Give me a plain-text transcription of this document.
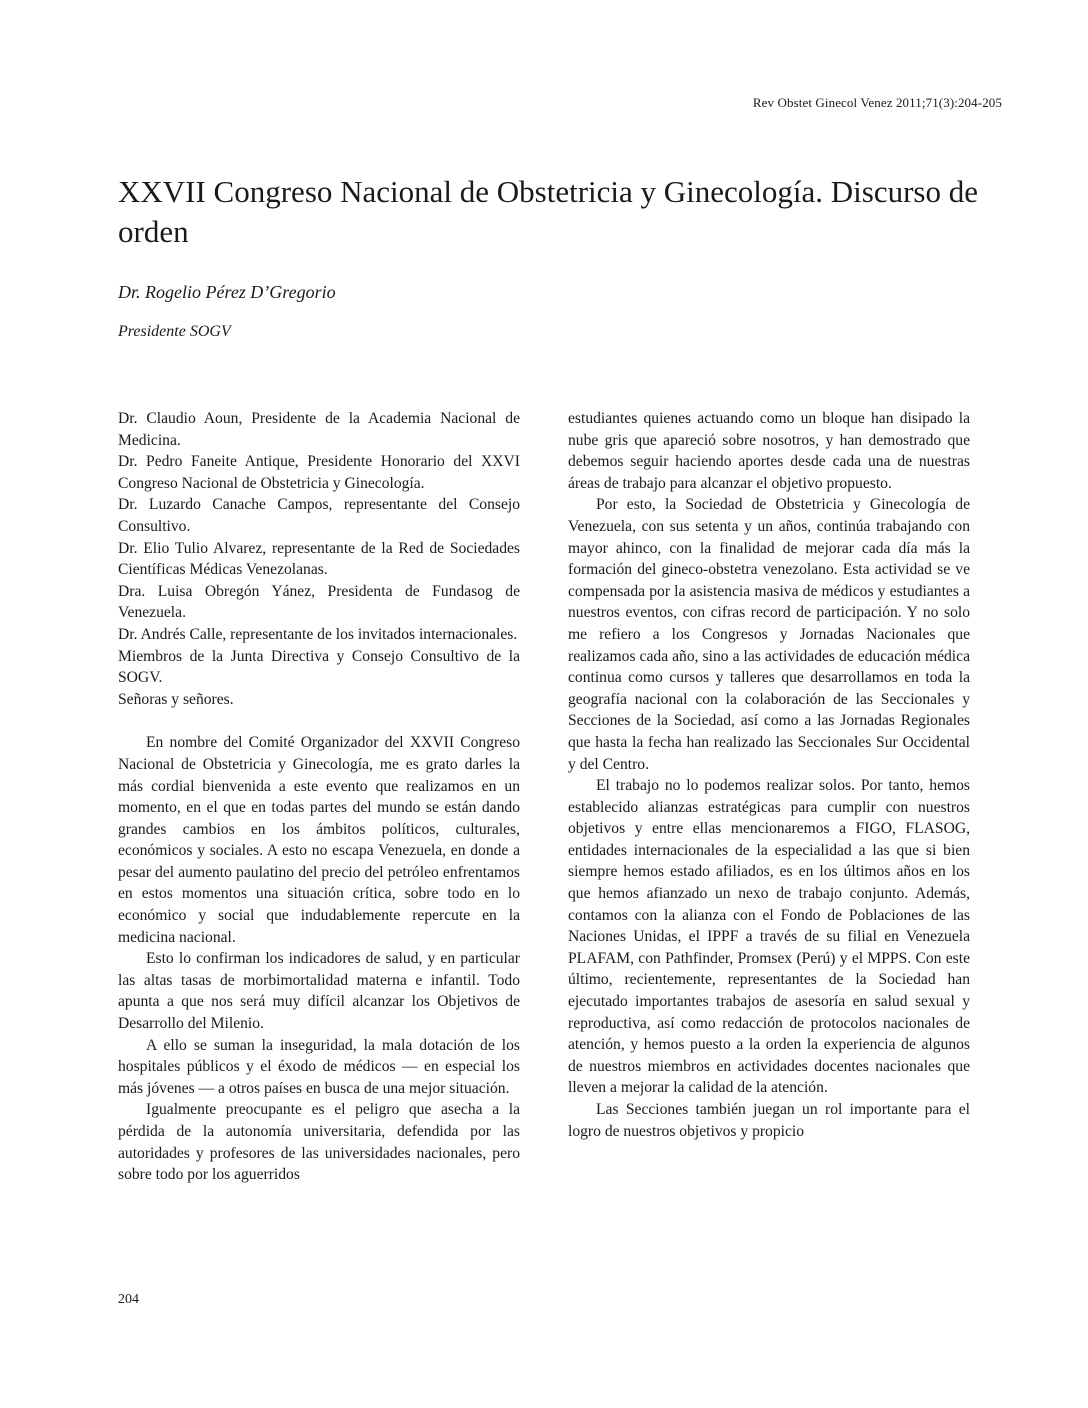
Rev Obstet Ginecol Venez 2011;71(3):204-205
XXVII Congreso Nacional de Obstetricia y Ginecología. Discurso de orden
Dr. Rogelio Pérez D’Gregorio
Presidente SOGV

Dr. Claudio Aoun, Presidente de la Academia Nacional de Medicina.

Dr. Pedro Faneite Antique, Presidente Honorario del XXVI Congreso Nacional de Obstetricia y Ginecología.

Dr. Luzardo Canache Campos, representante del Consejo Consultivo.

Dr. Elio Tulio Alvarez, representante de la Red de Sociedades Científicas Médicas Venezolanas.

Dra. Luisa Obregón Yánez, Presidenta de Fundasog de Venezuela.

Dr. Andrés Calle, representante de los invitados internacionales.

Miembros de la Junta Directiva y Consejo Consultivo de la SOGV.

Señoras y señores.

En nombre del Comité Organizador del XXVII Congreso Nacional de Obstetricia y Ginecología, me es grato darles la más cordial bienvenida a este evento que realizamos en un momento, en el que en todas partes del mundo se están dando grandes cambios en los ámbitos políticos, culturales, económicos y sociales. A esto no escapa Venezuela, en donde a pesar del aumento paulatino del precio del petróleo enfrentamos en estos momentos una situación crítica, sobre todo en lo económico y social que indudablemente repercute en la medicina nacional.

Esto lo confirman los indicadores de salud, y en particular las altas tasas de morbimortalidad materna e infantil. Todo apunta a que nos será muy difícil alcanzar los Objetivos de Desarrollo del Milenio.

A ello se suman la inseguridad, la mala dotación de los hospitales públicos y el éxodo de médicos — en especial los más jóvenes — a otros países en busca de una mejor situación.

Igualmente preocupante es el peligro que asecha a la pérdida de la autonomía universitaria, defendida por las autoridades y profesores de las universidades nacionales, pero sobre todo por los aguerridos

estudiantes quienes actuando como un bloque han disipado la nube gris que apareció sobre nosotros, y han demostrado que debemos seguir haciendo aportes desde cada una de nuestras áreas de trabajo para alcanzar el objetivo propuesto.

Por esto, la Sociedad de Obstetricia y Ginecología de Venezuela, con sus setenta y un años, continúa trabajando con mayor ahinco, con la finalidad de mejorar cada día más la formación del gineco-obstetra venezolano. Esta actividad se ve compensada por la asistencia masiva de médicos y estudiantes a nuestros eventos, con cifras record de participación. Y no solo me refiero a los Congresos y Jornadas Nacionales que realizamos cada año, sino a las actividades de educación médica continua como cursos y talleres que desarrollamos en toda la geografía nacional con la colaboración de las Seccionales y Secciones de la Sociedad, así como a las Jornadas Regionales que hasta la fecha han realizado las Seccionales Sur Occidental y del Centro.

El trabajo no lo podemos realizar solos. Por tanto, hemos establecido alianzas estratégicas para cumplir con nuestros objetivos y entre ellas mencionaremos a FIGO, FLASOG, entidades internacionales de la especialidad a las que si bien siempre hemos estado afiliados, es en los últimos años en los que hemos afianzado un nexo de trabajo conjunto. Además, contamos con la alianza con el Fondo de Poblaciones de las Naciones Unidas, el IPPF a través de su filial en Venezuela PLAFAM, con Pathfinder, Promsex (Perú) y el MPPS. Con este último, recientemente, representantes de la Sociedad han ejecutado importantes trabajos de asesoría en salud sexual y reproductiva, así como redacción de protocolos nacionales de atención, y hemos puesto a la orden la experiencia de algunos de nuestros miembros en actividades docentes nacionales que lleven a mejorar la calidad de la atención.

Las Secciones también juegan un rol importante para el logro de nuestros objetivos y propicio

204
